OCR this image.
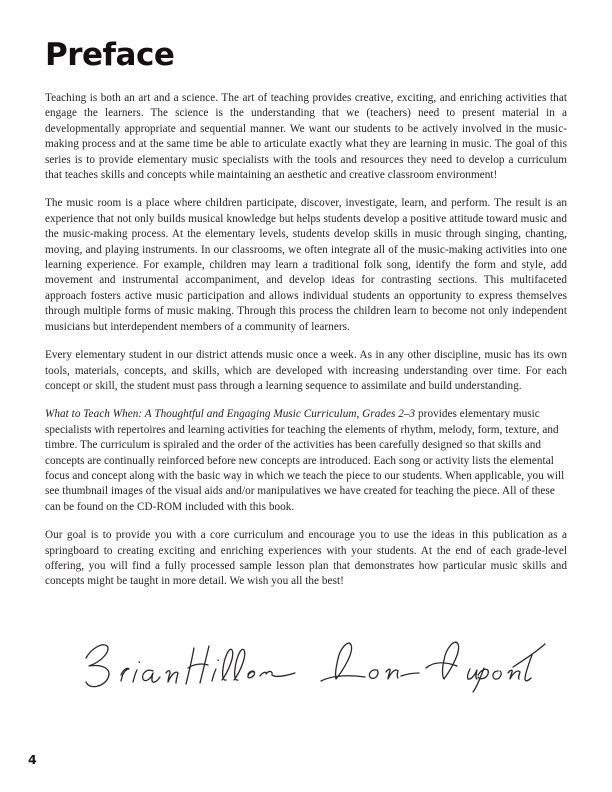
Preface

Teaching is both an art and a science. The art of teaching provides creative, exciting, and enriching activities that engage the learners. The science is the understanding that we (teachers) need to present material in a developmentally appropriate and sequential manner. We want our students to be actively involved in the music-making process and at the same time be able to articulate exactly what they are learning in music. The goal of this series is to provide elementary music specialists with the tools and resources they need to develop a curriculum that teaches skills and concepts while maintaining an aesthetic and creative classroom environment!

The music room is a place where children participate, discover, investigate, learn, and perform. The result is an experience that not only builds musical knowledge but helps students develop a positive attitude toward music and the music-making process. At the elementary levels, students develop skills in music through singing, chanting, moving, and playing instruments. In our classrooms, we often integrate all of the music-making activities into one learning experience. For example, children may learn a traditional folk song, identify the form and style, add movement and instrumental accompaniment, and develop ideas for contrasting sections. This multifaceted approach fosters active music participation and allows individual students an opportunity to express themselves through multiple forms of music making. Through this process the children learn to become not only independent musicians but interdependent members of a community of learners.

Every elementary student in our district attends music once a week. As in any other discipline, music has its own tools, materials, concepts, and skills, which are developed with increasing understanding over time. For each concept or skill, the student must pass through a learning sequence to assimilate and build understanding.

What to Teach When: A Thoughtful and Engaging Music Curriculum, Grades 2–3 provides elementary music specialists with repertoires and learning activities for teaching the elements of rhythm, melody, form, texture, and timbre. The curriculum is spiraled and the order of the activities has been carefully designed so that skills and concepts are continually reinforced before new concepts are introduced. Each song or activity lists the elemental focus and concept along with the basic way in which we teach the piece to our students. When applicable, you will see thumbnail images of the visual aids and/or manipulatives we have created for teaching the piece. All of these can be found on the CD-ROM included with this book.

Our goal is to provide you with a core curriculum and encourage you to use the ideas in this publication as a springboard to creating exciting and enriching experiences with your students. At the end of each grade-level offering, you will find a fully processed sample lesson plan that demonstrates how particular music skills and concepts might be taught in more detail. We wish you all the best!

4
